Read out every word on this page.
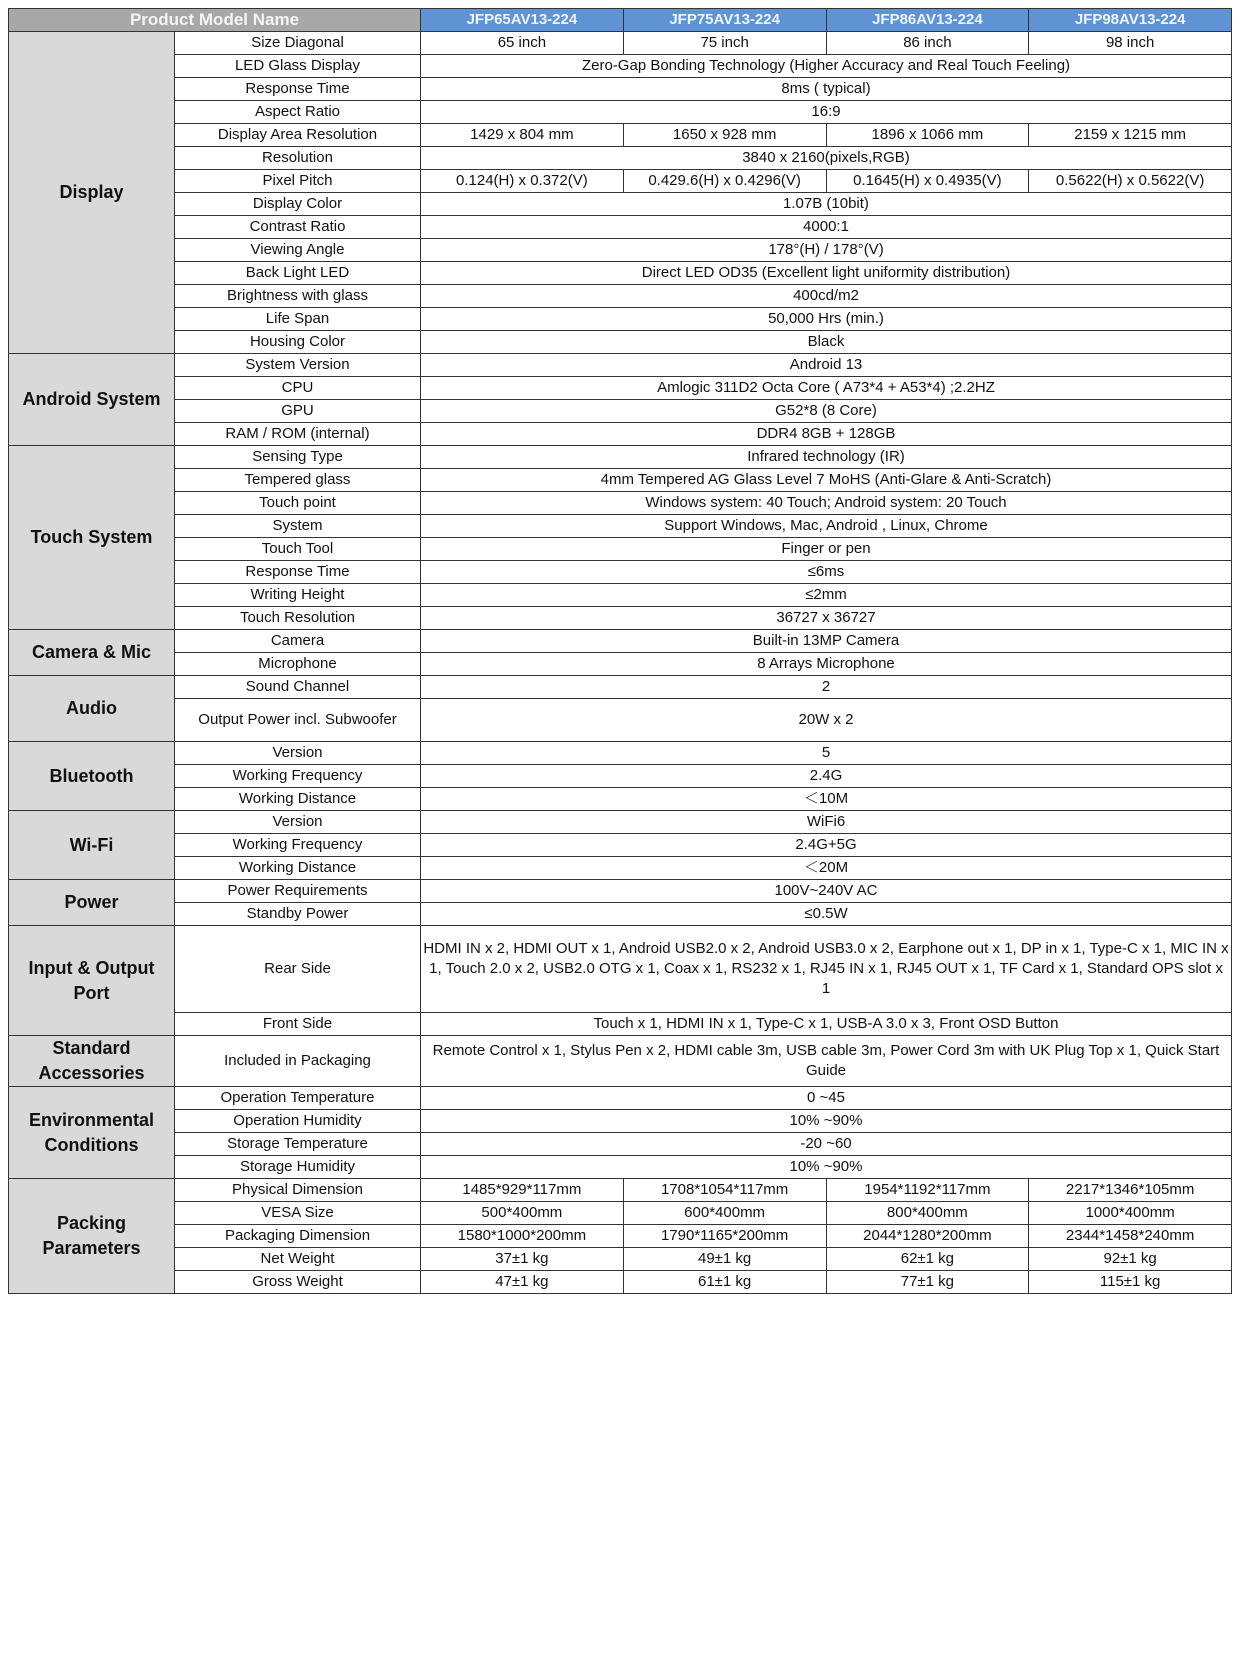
Product Model Name		JFP65AV13-224	JFP75AV13-224	JFP86AV13-224	JFP98AV13-224
Display	Size Diagonal	65 inch	75 inch	86 inch	98 inch
	LED Glass Display	Zero-Gap Bonding Technology (Higher Accuracy and Real Touch Feeling)			
	Response Time	8ms ( typical)			
	Aspect Ratio	16:9			
	Display Area Resolution	1429 x 804 mm	1650 x 928 mm	1896 x 1066 mm	2159 x 1215 mm
	Resolution	3840 x 2160(pixels,RGB)			
	Pixel Pitch	0.124(H) x 0.372(V)	0.429.6(H) x 0.4296(V)	0.1645(H) x 0.4935(V)	0.5622(H) x 0.5622(V)
	Display Color	1.07B (10bit)			
	Contrast Ratio	4000:1			
	Viewing Angle	178°(H) / 178°(V)			
	Back Light LED	Direct LED OD35 (Excellent light uniformity distribution)			
	Brightness with glass	400cd/m2			
	Life Span	50,000 Hrs (min.)			
	Housing Color	Black			
Android System	System Version	Android 13			
	CPU	Amlogic 311D2 Octa Core ( A73*4 + A53*4) ;2.2HZ			
	GPU	G52*8 (8 Core)			
	RAM / ROM (internal)	DDR4 8GB + 128GB			
Touch System	Sensing Type	Infrared technology (IR)			
	Tempered glass	4mm Tempered AG Glass Level 7 MoHS (Anti-Glare & Anti-Scratch)			
	Touch point	Windows system: 40 Touch; Android system: 20 Touch			
	System	Support Windows, Mac, Android , Linux, Chrome			
	Touch Tool	Finger or pen			
	Response Time	≤6ms			
	Writing Height	≤2mm			
	Touch Resolution	36727 x 36727			
Camera & Mic	Camera	Built-in 13MP Camera			
	Microphone	8 Arrays Microphone			
Audio	Sound Channel	2			
	Output Power incl. Subwoofer	20W x 2			
Bluetooth	Version	5			
	Working Frequency	2.4G			
	Working Distance	＜10M			
Wi-Fi	Version	WiFi6			
	Working Frequency	2.4G+5G			
	Working Distance	＜20M			
Power	Power Requirements	100V~240V AC			
	Standby Power	≤0.5W			
Input & Output Port	Rear Side	HDMI IN x 2, HDMI OUT x 1, Android USB2.0 x 2, Android USB3.0 x 2, Earphone out x 1, DP in x 1, Type-C x 1, MIC IN x 1, Touch 2.0 x 2, USB2.0 OTG x 1, Coax x 1, RS232 x 1, RJ45 IN x 1, RJ45 OUT x 1, TF Card x 1, Standard OPS slot x 1			
	Front Side	Touch x 1, HDMI IN x 1, Type-C x 1, USB-A 3.0 x 3, Front OSD Button			
Standard Accessories	Included in Packaging	Remote Control x 1, Stylus Pen x 2, HDMI cable 3m, USB cable 3m, Power Cord 3m with UK Plug Top x 1, Quick Start Guide			
Environmental Conditions	Operation Temperature	0 ~45			
	Operation Humidity	10% ~90%			
	Storage Temperature	-20 ~60			
	Storage Humidity	10% ~90%			
Packing Parameters	Physical Dimension	1485*929*117mm	1708*1054*117mm	1954*1192*117mm	2217*1346*105mm
	VESA Size	500*400mm	600*400mm	800*400mm	1000*400mm
	Packaging Dimension	1580*1000*200mm	1790*1165*200mm	2044*1280*200mm	2344*1458*240mm
	Net Weight	37±1 kg	49±1 kg	62±1 kg	92±1 kg
	Gross Weight	47±1 kg	61±1 kg	77±1 kg	115±1 kg
